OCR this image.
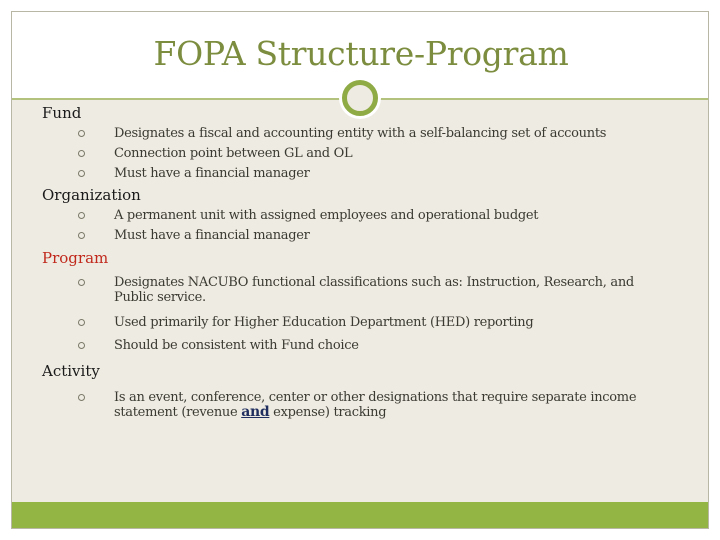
FOPA Structure-Program
Fund
Designates a fiscal and accounting entity with a self-balancing set of accounts
Connection point between GL and OL
Must have a financial manager
Organization
A permanent unit with assigned employees and operational budget
Must have a financial manager
Program
Designates NACUBO functional classifications such as: Instruction, Research, and Public service.
Used primarily for Higher Education Department (HED) reporting
Should be consistent with Fund choice
Activity
Is an event, conference, center or other designations that require separate income statement (revenue and expense) tracking
